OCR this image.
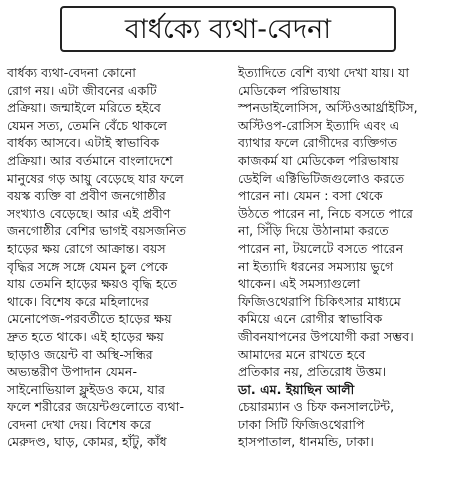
বার্ধক্যে ব্যথা-বেদনা
বার্ধক্য ব্যথা-বেদনা কোনো
রোগ নয়। এটা জীবনের একটি
প্রক্রিয়া। জন্মাইলে মরিতে হইবে
যেমন সত্য, তেমনি বেঁচে থাকলে
বার্ধক্য আসবে। এটাই স্বাভাবিক
প্রক্রিয়া। আর বর্তমানে বাংলাদেশে
মানুষের গড় আয়ু বেড়েছে যার ফলে
বয়স্ক ব্যক্তি বা প্রবীণ জনগোষ্ঠীর
সংখ্যাও বেড়েছে। আর এই প্রবীণ
জনগোষ্ঠীর বেশির ভাগই বয়সজনিত
হাড়ের ক্ষয় রোগে আক্রান্ত। বয়স
বৃদ্ধির সঙ্গে সঙ্গে যেমন চুল পেকে
যায় তেমনি হাড়ের ক্ষয়ও বৃদ্ধি হতে
থাকে। বিশেষ করে মহিলাদের
মেনোপেজ-পরবর্তীতে হাড়ের ক্ষয়
দ্রুত হতে থাকে। এই হাড়ের ক্ষয়
ছাড়াও জয়েন্ট বা অস্থি-সন্ধির
অভ্যন্তরীণ উপাদান যেমন-
সাইনোভিয়াল ফ্লুইডও কমে, যার
ফলে শরীরের জয়েন্টগুলোতে ব্যথা-
বেদনা দেখা দেয়। বিশেষ করে
মেরুদণ্ড, ঘাড়, কোমর, হাঁটু, কাঁধ
ইত্যাদিতে বেশি ব্যথা দেখা যায়। যা
মেডিকেল পরিভাষায়
স্পনডাইলোসিস, অস্টিওআর্থ্রাইটিস,
অস্টিওপ-রোসিস ইত্যাদি এবং এ
ব্যাথার ফলে রোগীদের ব্যক্তিগত
কাজকর্ম যা মেডিকেল পরিভাষায়
ডেইলি এক্টিভিটিজগুলোও করতে
পারেন না। যেমন : বসা থেকে
উঠতে পারেন না, নিচে বসতে পারে
না, সিঁড়ি দিয়ে উঠানামা করতে
পারেন না, টয়লেটে বসতে পারেন
না ইত্যাদি ধরনের সমস্যায় ভুগে
থাকেন। এই সমস্যাগুলো
ফিজিওথেরাপি চিকিৎসার মাধ্যমে
কমিয়ে এনে রোগীর স্বাভাবিক
জীবনযাপনের উপযোগী করা সম্ভব।
আমাদের মনে রাখতে হবে
প্রতিকার নয়, প্রতিরোধ উত্তম।
ডা. এম. ইয়াছিন আলী
চেয়ারম্যান ও চিফ কনসালটেন্ট,
ঢাকা সিটি ফিজিওথেরাপি
হাসপাতাল, ধানমন্ডি, ঢাকা।
